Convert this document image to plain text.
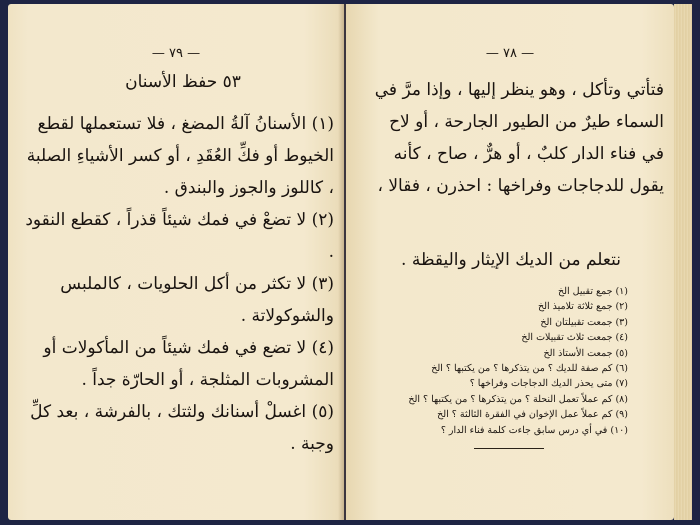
— ٧٩ —
٥٣ حفظ الأسنان

(١) الأسنانُ آلةُ المضغ ، فلا تستعملها لقطع الخيوط أو فكِّ العُقَدِ ، أو كسر الأشياءِ الصلبة ، كاللوز والجوز والبندق .

(٢) لا تضعْ في فمك شيئاً قذراً ، كقطع النقود .

(٣) لا تكثر من أكل الحلويات ، كالملبس والشوكولاتة .

(٤) لا تضع في فمك شيئاً من المأكولات أو المشروبات المثلجة ، أو الحارّة جداً .

(٥) اغسلْ أسنانك ولثتك ، بالفرشة ، بعد كلِّ وجبة .

— ٧٨ —
فتأتي وتأكل ، وهو ينظر إليها ، وإذا مرَّ في السماء طيرٌ من الطيور الجارحة ، أو لاح في فناء الدار كلبٌ ، أو هرٌّ ، صاح ، كأنه يقول للدجاجات وفراخها : احذرن ، فقالا ،
نتعلم من الديك الإيثار واليقظة .
(١) جمع تقبيل الخ
(٢) جمع ثلاثة تلاميذ الخ
(٣) جمعت تقبيلتان الخ
(٤) جمعت ثلاث تقبيلات الخ
(٥) جمعت الأستاذ الخ
(٦) كم صفة للديك ؟ من يتذكرها ؟ من يكتبها ؟ الخ
(٧) متى يحذر الديك الدجاجات وفراخها ؟
(٨) كم عملاً تعمل النحلة ؟ من يتذكرها ؟ من يكتبها ؟ الخ
(٩) كم عملاً عمل الإخوان في الفقرة الثالثة ؟ الخ
(١٠) في أي درس سابق جاءت كلمة فناء الدار ؟
